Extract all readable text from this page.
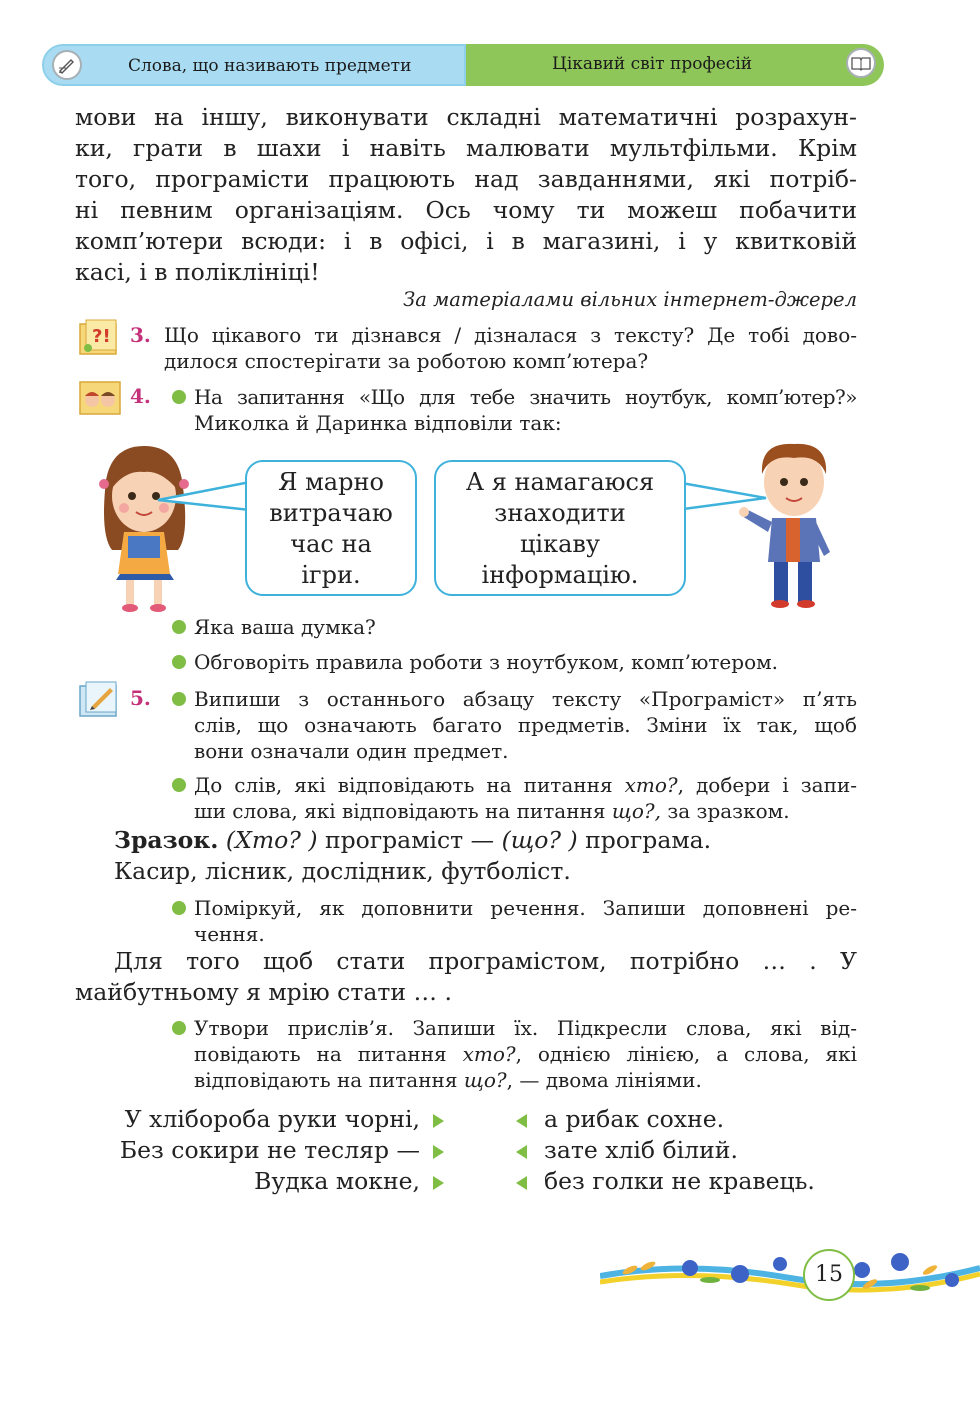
Слова, що називають предмети	Цікавий світ професій
мови на іншу, виконувати складні математичні розрахун-
ки, грати в шахи і навіть малювати мультфільми. Крім
того, програмісти працюють над завданнями, які потріб-
ні певним організаціям. Ось чому ти можеш побачити
комп’ютери всюди: і в офісі, і в магазині, і у квитковій
касі, і в поліклініці!
За матеріалами вільних інтернет-джерел
?! 3. Що цікавого ти дізнався / дізналася з тексту? Де тобі дово-
дилося спостерігати за роботою комп’ютера?
4. На запитання «Що для тебе значить ноутбук, комп’ютер?»
Миколка й Даринка відповіли так:
Я марно
витрачаю
час на
ігри.
А я намагаюся
знаходити
цікаву
інформацію.
Яка ваша думка?
Обговоріть правила роботи з ноутбуком, комп’ютером.
5. Випиши з останнього абзацу тексту «Програміст» п’ять
слів, що означають багато предметів. Зміни їх так, щоб
вони означали один предмет.
До слів, які відповідають на питання хто?, добери і запи-
ши слова, які відповідають на питання що?, за зразком.
Зразок. (Хто? ) програміст — (що? ) програма.
Касир, лісник, дослідник, футболіст.
Поміркуй, як доповнити речення. Запиши доповнені ре-
чення.
Для того щоб стати програмістом, потрібно … . У
майбутньому я мрію стати … .
Утвори прислів’я. Запиши їх. Підкресли слова, які від-
повідають на питання хто?, однією лінією, а слова, які
відповідають на питання що?, — двома лініями.
У хлібороба руки чорні,
Без сокири не тесляр —
Вудка мокне,
а рибак сохне.
зате хліб білий.
без голки не кравець.
15
